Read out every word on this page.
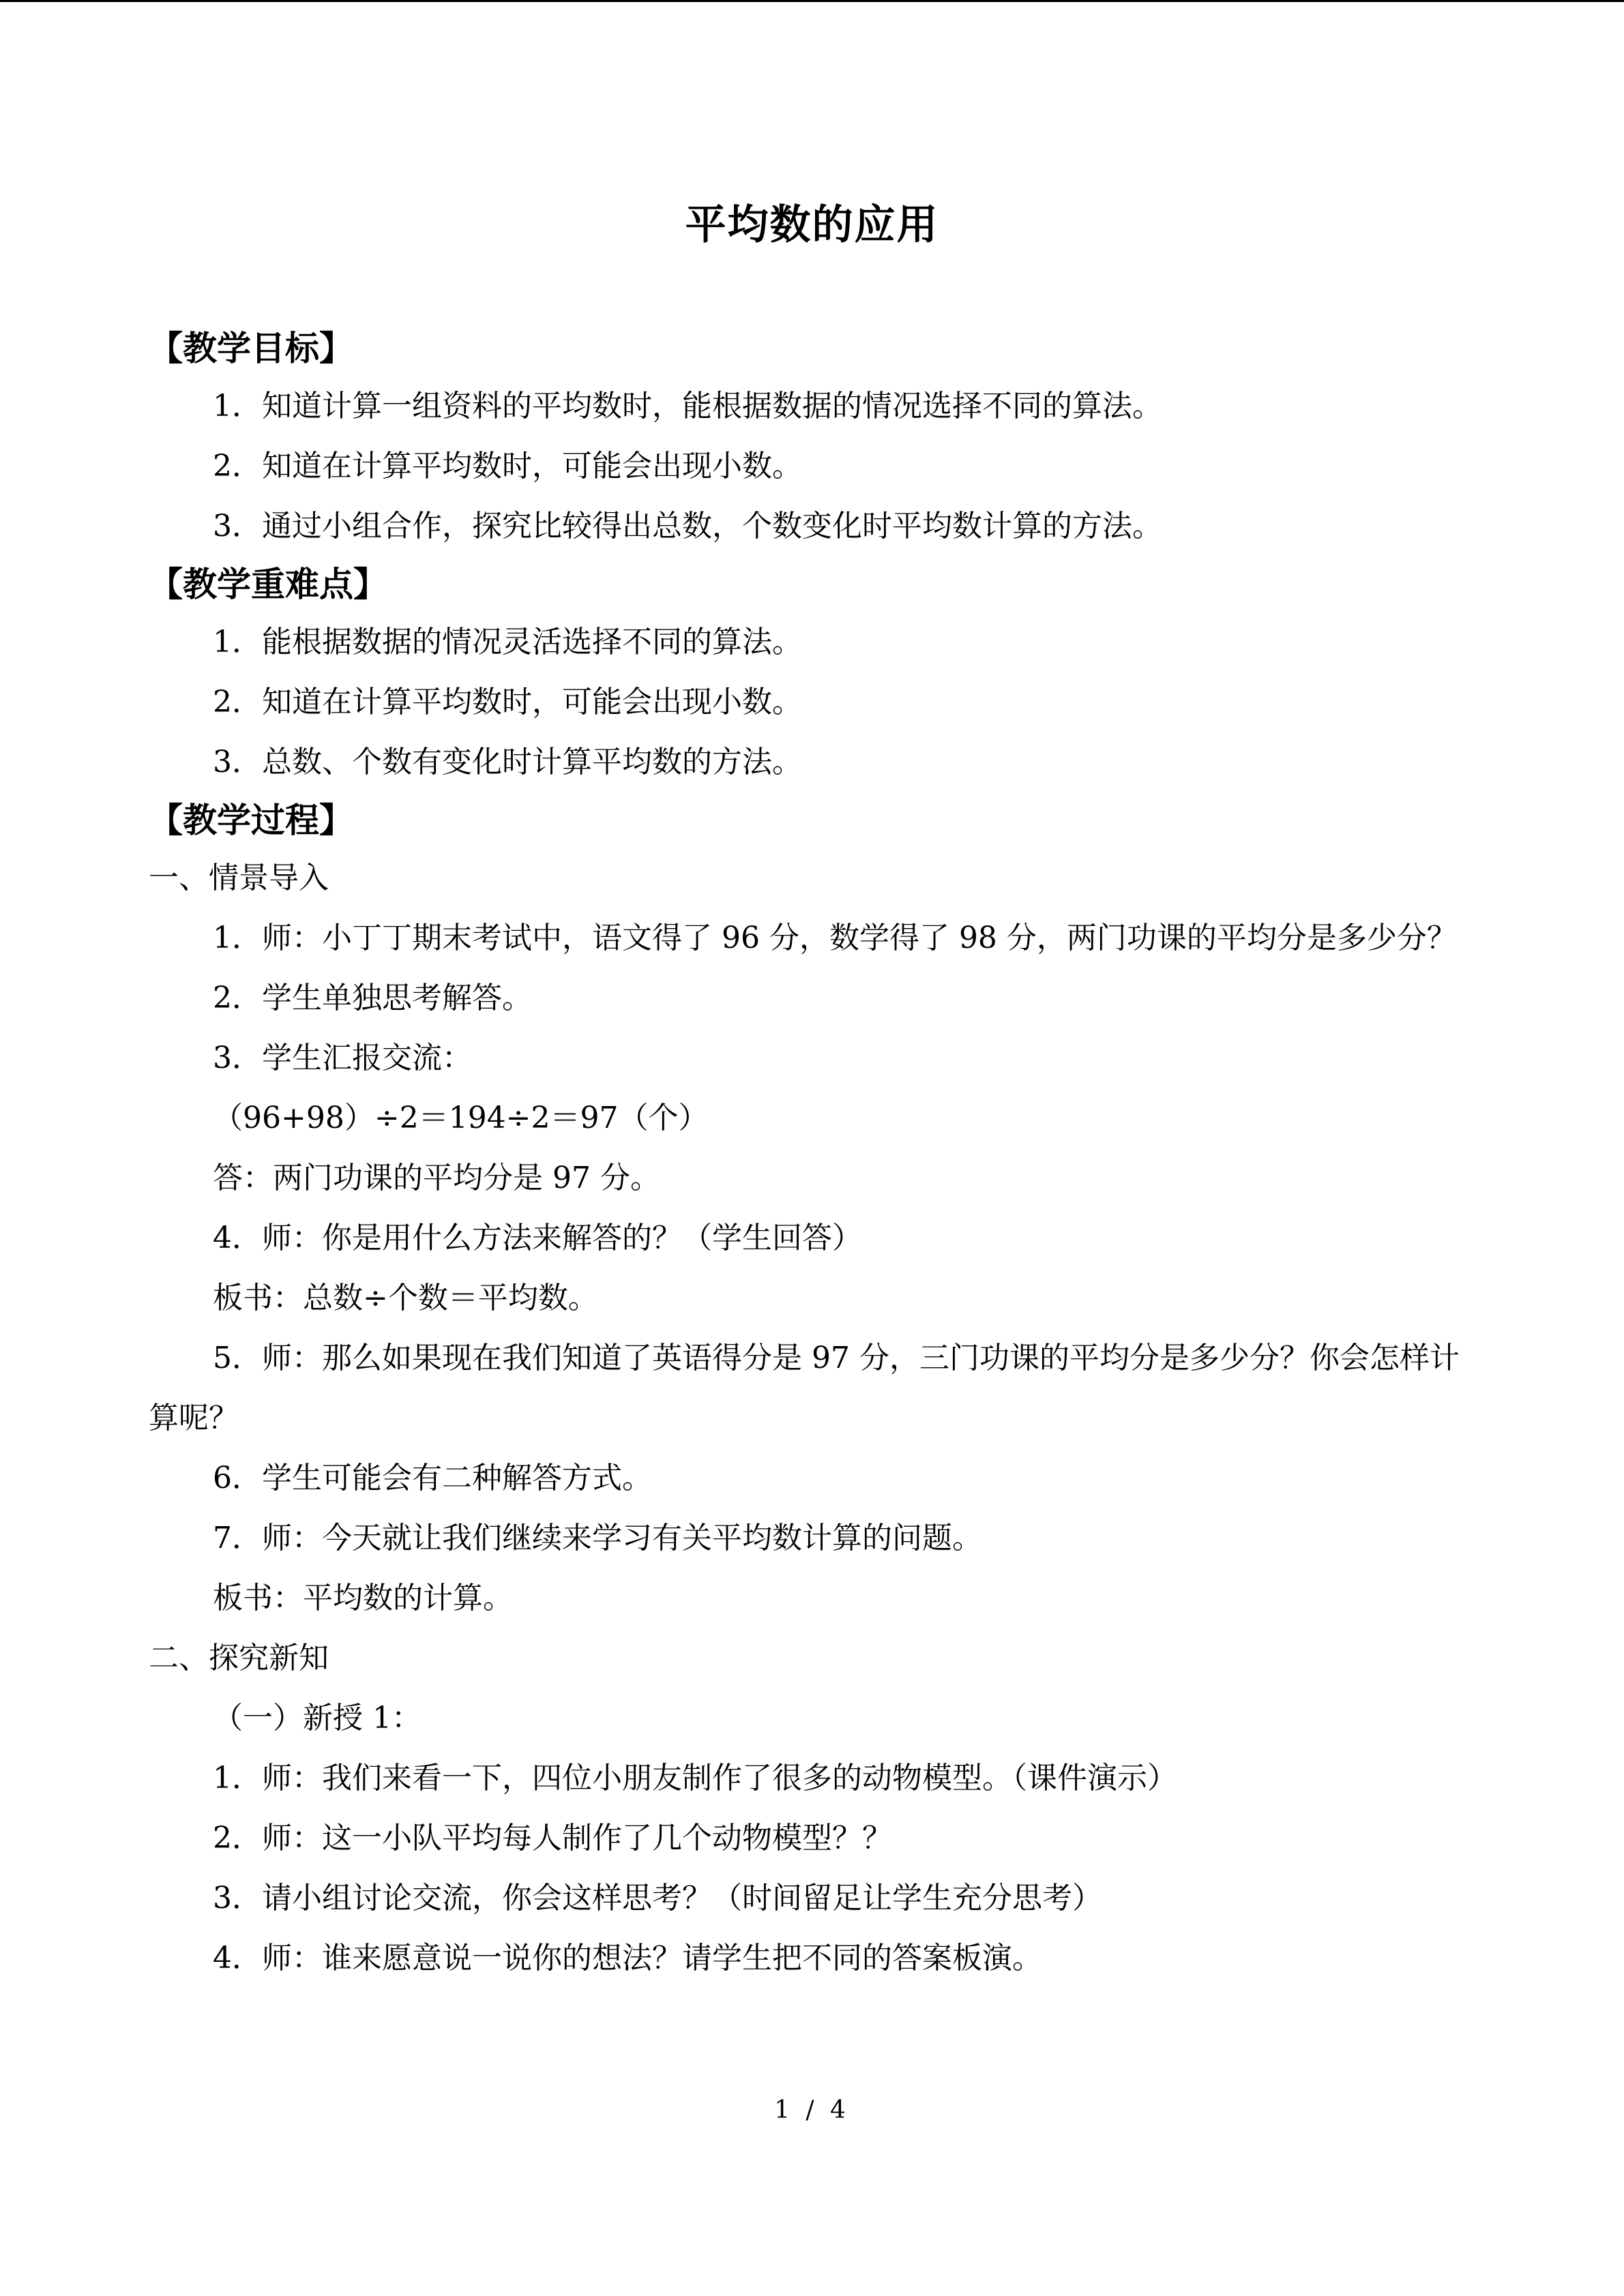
平均数的应用
【教学目标】

1．知道计算一组资料的平均数时，能根据数据的情况选择不同的算法。

2．知道在计算平均数时，可能会出现小数。

3．通过小组合作，探究比较得出总数，个数变化时平均数计算的方法。

【教学重难点】

1．能根据数据的情况灵活选择不同的算法。

2．知道在计算平均数时，可能会出现小数。

3．总数、个数有变化时计算平均数的方法。

【教学过程】

一、情景导入

1．师：小丁丁期末考试中，语文得了 96 分，数学得了 98 分，两门功课的平均分是多少分？

2．学生单独思考解答。

3．学生汇报交流：

（96+98）÷2＝194÷2＝97（个）

答：两门功课的平均分是 97 分。

4．师：你是用什么方法来解答的？（学生回答）

板书：总数÷个数＝平均数。

5．师：那么如果现在我们知道了英语得分是 97 分，三门功课的平均分是多少分？你会怎样计算呢？

6．学生可能会有二种解答方式。

7．师：今天就让我们继续来学习有关平均数计算的问题。

板书：平均数的计算。

二、探究新知

（一）新授 1：

1．师：我们来看一下，四位小朋友制作了很多的动物模型。（课件演示）

2．师：这一小队平均每人制作了几个动物模型？？

3．请小组讨论交流，你会这样思考？（时间留足让学生充分思考）

4．师：谁来愿意说一说你的想法？请学生把不同的答案板演。

1 / 4
